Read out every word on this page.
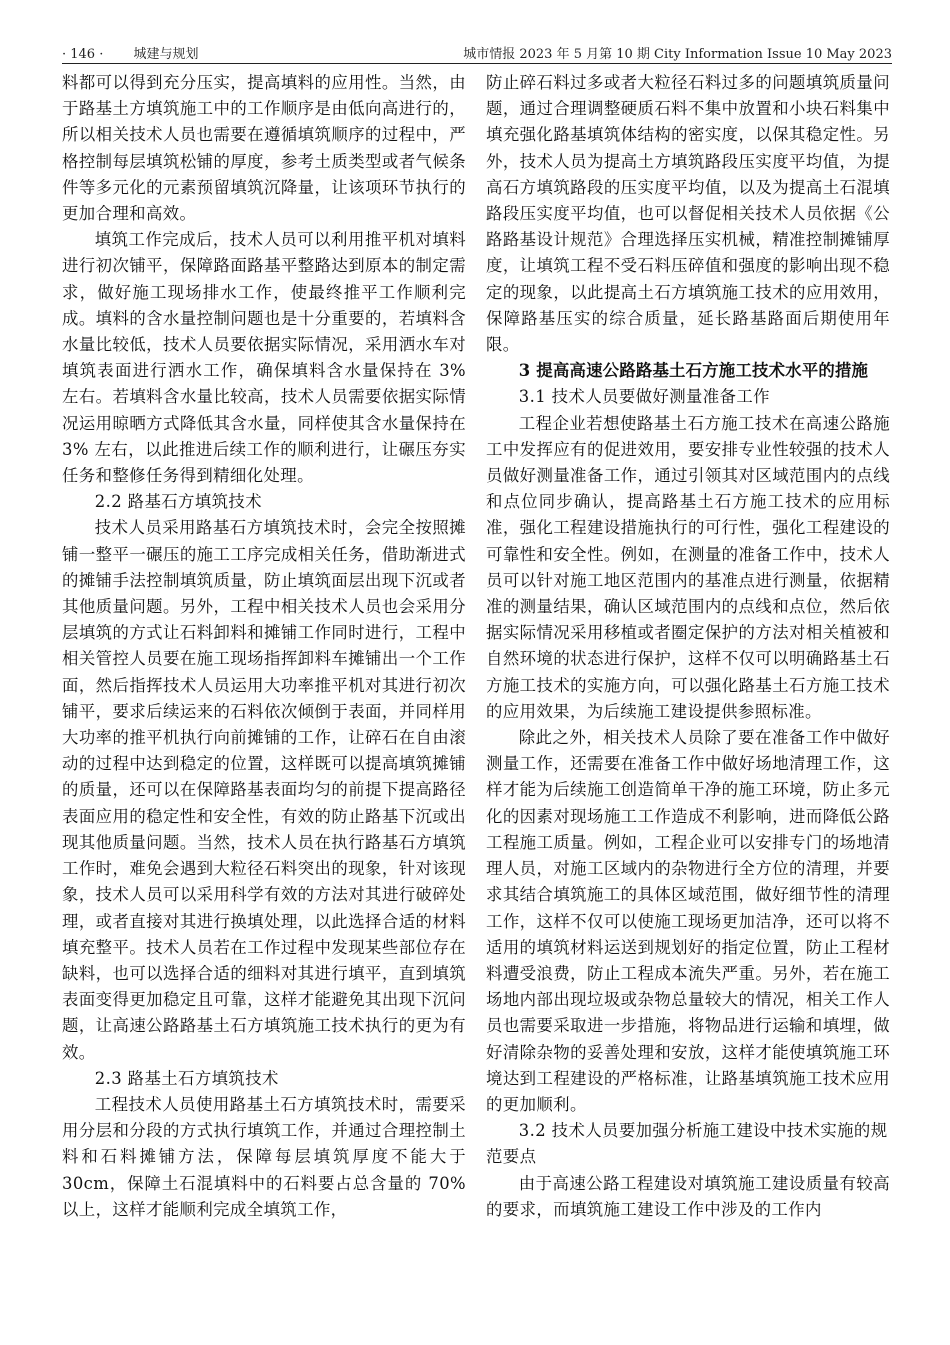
· 146 · 城建与规划	城市情报 2023 年 5 月第 10 期 City Information Issue 10 May 2023

料都可以得到充分压实，提高填料的应用性。当然，由于路基土方填筑施工中的工作顺序是由低向高进行的，所以相关技术人员也需要在遵循填筑顺序的过程中，严格控制每层填筑松铺的厚度，参考土质类型或者气候条件等多元化的元素预留填筑沉降量，让该项环节执行的更加合理和高效。

填筑工作完成后，技术人员可以利用推平机对填料进行初次铺平，保障路面路基平整路达到原本的制定需求，做好施工现场排水工作，使最终推平工作顺利完成。填料的含水量控制问题也是十分重要的，若填料含水量比较低，技术人员要依据实际情况，采用洒水车对填筑表面进行洒水工作，确保填料含水量保持在 3% 左右。若填料含水量比较高，技术人员需要依据实际情况运用晾晒方式降低其含水量，同样使其含水量保持在 3% 左右，以此推进后续工作的顺利进行，让碾压夯实任务和整修任务得到精细化处理。

2.2 路基石方填筑技术

技术人员采用路基石方填筑技术时，会完全按照摊铺一整平一碾压的施工工序完成相关任务，借助渐进式的摊铺手法控制填筑质量，防止填筑面层出现下沉或者其他质量问题。另外，工程中相关技术人员也会采用分层填筑的方式让石料卸料和摊铺工作同时进行，工程中相关管控人员要在施工现场指挥卸料车摊铺出一个工作面，然后指挥技术人员运用大功率推平机对其进行初次铺平，要求后续运来的石料依次倾倒于表面，并同样用大功率的推平机执行向前摊铺的工作，让碎石在自由滚动的过程中达到稳定的位置，这样既可以提高填筑摊铺的质量，还可以在保障路基表面均匀的前提下提高路径表面应用的稳定性和安全性，有效的防止路基下沉或出现其他质量问题。当然，技术人员在执行路基石方填筑工作时，难免会遇到大粒径石料突出的现象，针对该现象，技术人员可以采用科学有效的方法对其进行破碎处理，或者直接对其进行换填处理，以此选择合适的材料填充整平。技术人员若在工作过程中发现某些部位存在缺料，也可以选择合适的细料对其进行填平，直到填筑表面变得更加稳定且可靠，这样才能避免其出现下沉问题，让高速公路路基土石方填筑施工技术执行的更为有效。

2.3 路基土石方填筑技术

工程技术人员使用路基土石方填筑技术时，需要采用分层和分段的方式执行填筑工作，并通过合理控制土料和石料摊铺方法，保障每层填筑厚度不能大于 30cm，保障土石混填料中的石料要占总含量的 70% 以上，这样才能顺利完成全填筑工作，

防止碎石料过多或者大粒径石料过多的问题填筑质量问题，通过合理调整硬质石料不集中放置和小块石料集中填充强化路基填筑体结构的密实度，以保其稳定性。另外，技术人员为提高土方填筑路段压实度平均值，为提高石方填筑路段的压实度平均值，以及为提高土石混填路段压实度平均值，也可以督促相关技术人员依据《公路路基设计规范》合理选择压实机械，精准控制摊铺厚度，让填筑工程不受石料压碎值和强度的影响出现不稳定的现象，以此提高土石方填筑施工技术的应用效用，保障路基压实的综合质量，延长路基路面后期使用年限。

3 提高高速公路路基土石方施工技术水平的措施
3.1 技术人员要做好测量准备工作

工程企业若想使路基土石方施工技术在高速公路施工中发挥应有的促进效用，要安排专业性较强的技术人员做好测量准备工作，通过引领其对区域范围内的点线和点位同步确认，提高路基土石方施工技术的应用标准，强化工程建设措施执行的可行性，强化工程建设的可靠性和安全性。例如，在测量的准备工作中，技术人员可以针对施工地区范围内的基准点进行测量，依据精准的测量结果，确认区域范围内的点线和点位，然后依据实际情况采用移植或者圈定保护的方法对相关植被和自然环境的状态进行保护，这样不仅可以明确路基土石方施工技术的实施方向，可以强化路基土石方施工技术的应用效果，为后续施工建设提供参照标准。

除此之外，相关技术人员除了要在准备工作中做好测量工作，还需要在准备工作中做好场地清理工作，这样才能为后续施工创造简单干净的施工环境，防止多元化的因素对现场施工工作造成不利影响，进而降低公路工程施工质量。例如，工程企业可以安排专门的场地清理人员，对施工区域内的杂物进行全方位的清理，并要求其结合填筑施工的具体区域范围，做好细节性的清理工作，这样不仅可以使施工现场更加洁净，还可以将不适用的填筑材料运送到规划好的指定位置，防止工程材料遭受浪费，防止工程成本流失严重。另外，若在施工场地内部出现垃圾或杂物总量较大的情况，相关工作人员也需要采取进一步措施，将物品进行运输和填埋，做好清除杂物的妥善处理和安放，这样才能使填筑施工环境达到工程建设的严格标准，让路基填筑施工技术应用的更加顺利。

3.2 技术人员要加强分析施工建设中技术实施的规范要点

由于高速公路工程建设对填筑施工建设质量有较高的要求，而填筑施工建设工作中涉及的工作内
